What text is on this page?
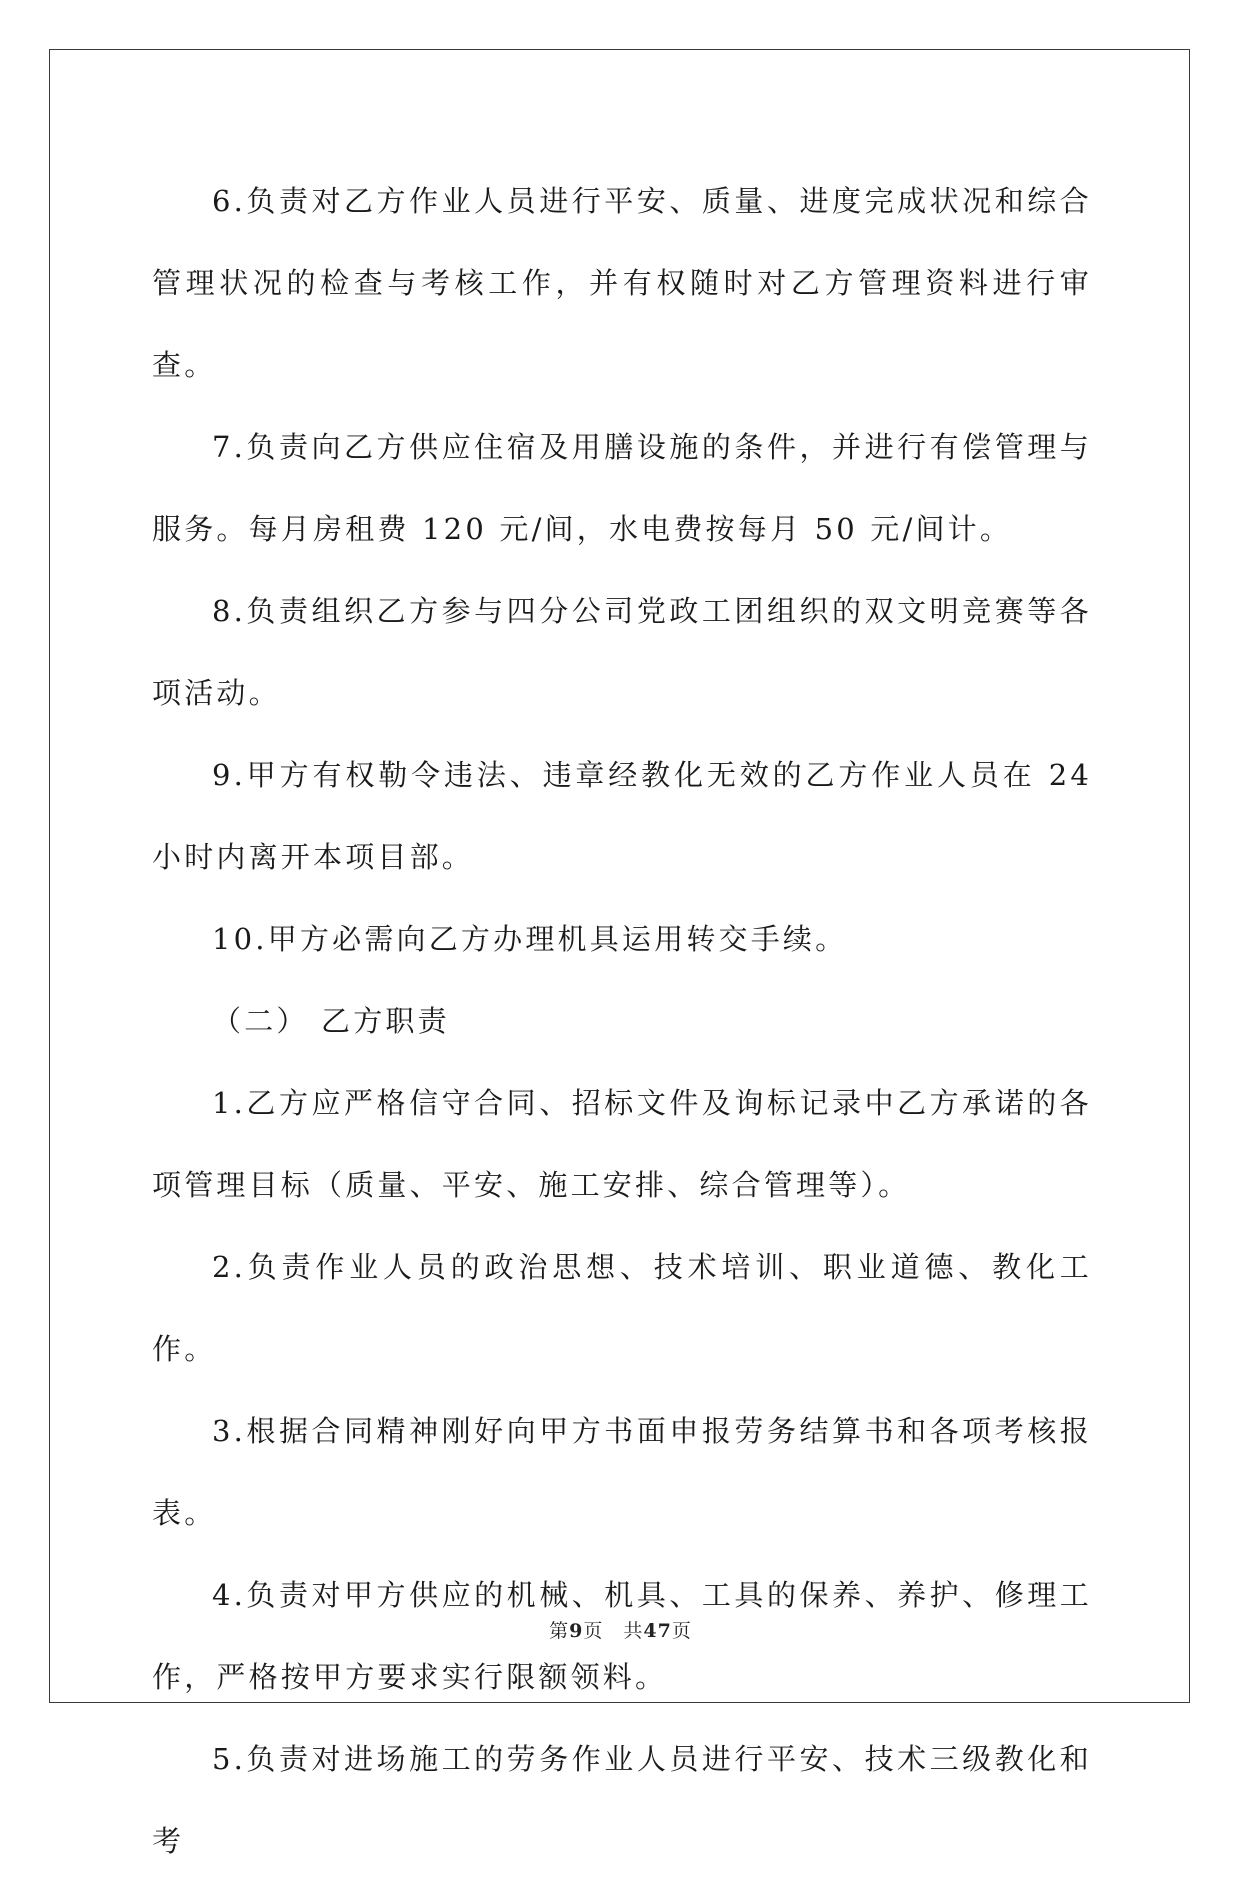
6.负责对乙方作业人员进行平安、质量、进度完成状况和综合管理状况的检查与考核工作，并有权随时对乙方管理资料进行审查。

7.负责向乙方供应住宿及用膳设施的条件，并进行有偿管理与服务。每月房租费 120 元/间，水电费按每月 50 元/间计。

8.负责组织乙方参与四分公司党政工团组织的双文明竞赛等各项活动。

9.甲方有权勒令违法、违章经教化无效的乙方作业人员在 24 小时内离开本项目部。

10.甲方必需向乙方办理机具运用转交手续。

（二） 乙方职责

1.乙方应严格信守合同、招标文件及询标记录中乙方承诺的各项管理目标（质量、平安、施工安排、综合管理等）。

2.负责作业人员的政治思想、技术培训、职业道德、教化工作。

3.根据合同精神刚好向甲方书面申报劳务结算书和各项考核报表。

4.负责对甲方供应的机械、机具、工具的保养、养护、修理工作，严格按甲方要求实行限额领料。

5.负责对进场施工的劳务作业人员进行平安、技术三级教化和考

第9页 共47页
